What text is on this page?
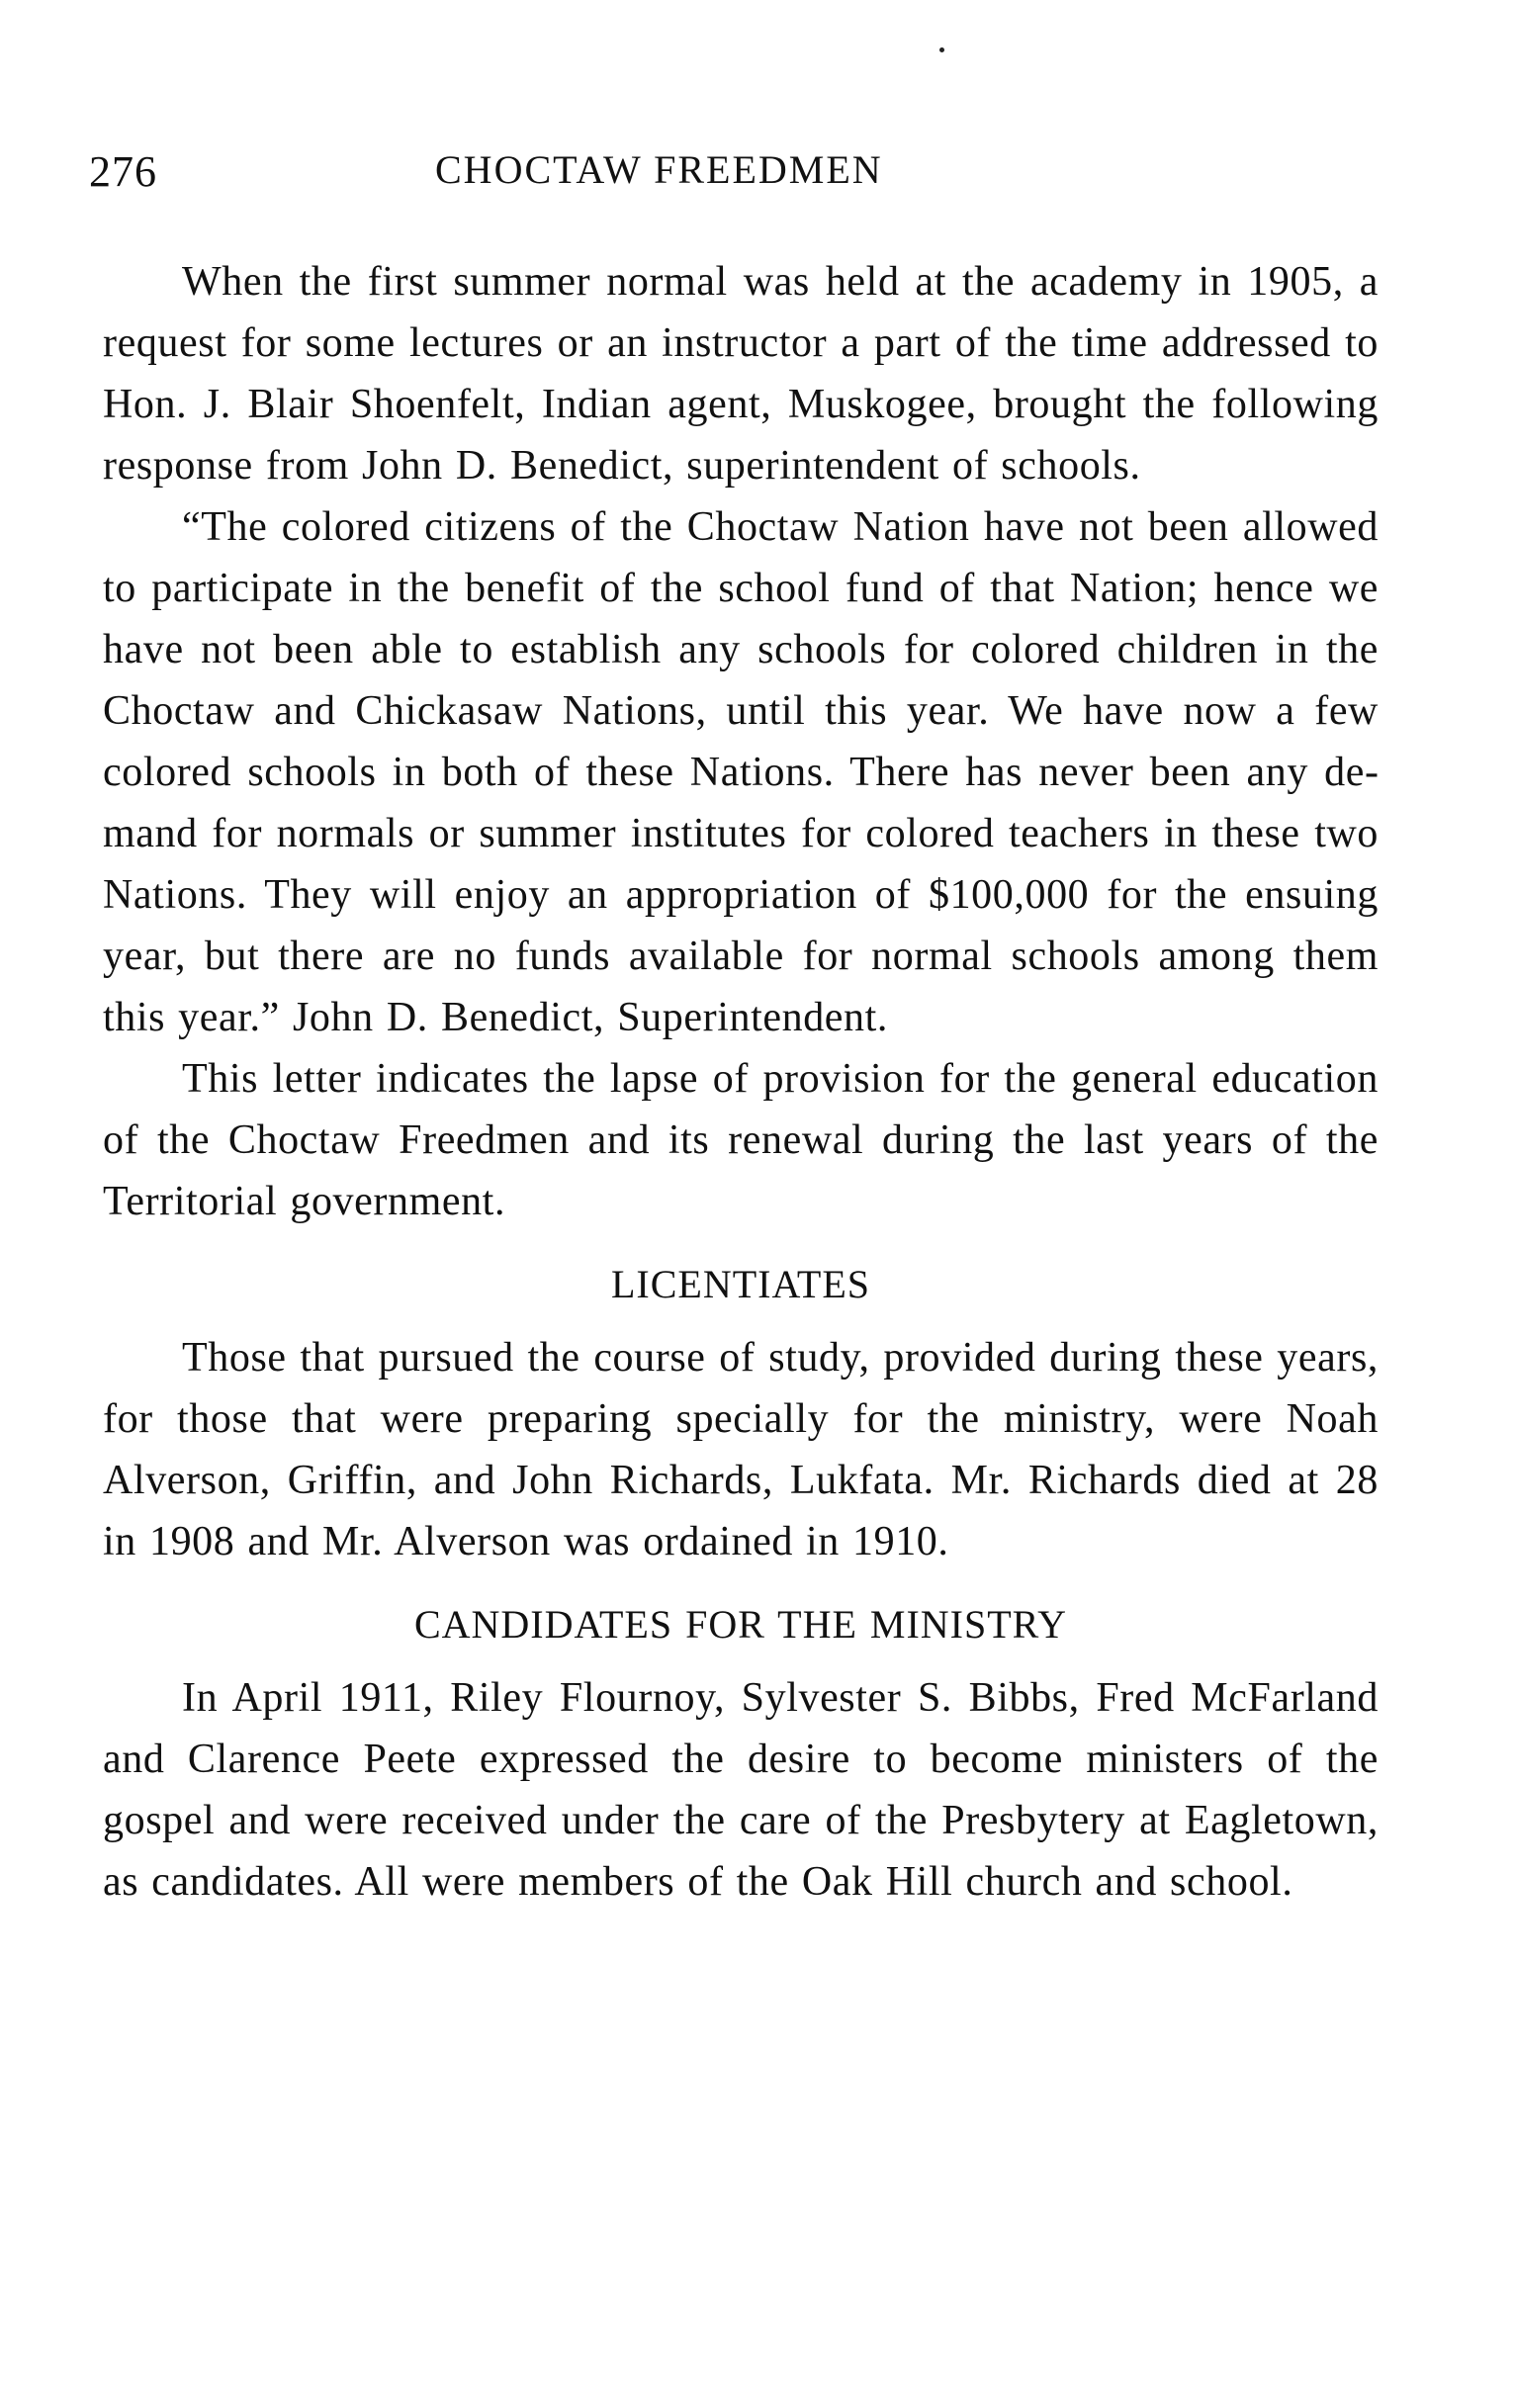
276	CHOCTAW FREEDMEN

When the first summer normal was held at the academy in 1905, a request for some lectures or an instructor a part of the time addressed to Hon. J. Blair Shoenfelt, Indian agent, Muskogee, brought the following response from John D. Benedict, superintendent of schools.

“The colored citizens of the Choctaw Nation have not been allowed to participate in the benefit of the school fund of that Nation; hence we have not been able to establish any schools for colored children in the Choctaw and Chickasaw Nations, until this year. We have now a few colored schools in both of these Nations. There has never been any demand for normals or summer institutes for colored teachers in these two Nations. They will enjoy an appropriation of $100,000 for the ensuing year, but there are no funds available for normal schools among them this year.” John D. Benedict, Superintendent.

This letter indicates the lapse of provision for the general education of the Choctaw Freedmen and its renewal during the last years of the Territorial government.

LICENTIATES

Those that pursued the course of study, provided during these years, for those that were preparing specially for the ministry, were Noah Alverson, Griffin, and John Richards, Lukfata. Mr. Richards died at 28 in 1908 and Mr. Alverson was ordained in 1910.

CANDIDATES FOR THE MINISTRY

In April 1911, Riley Flournoy, Sylvester S. Bibbs, Fred McFarland and Clarence Peete expressed the desire to become ministers of the gospel and were received under the care of the Presbytery at Eagletown, as candidates. All were members of the Oak Hill church and school.
